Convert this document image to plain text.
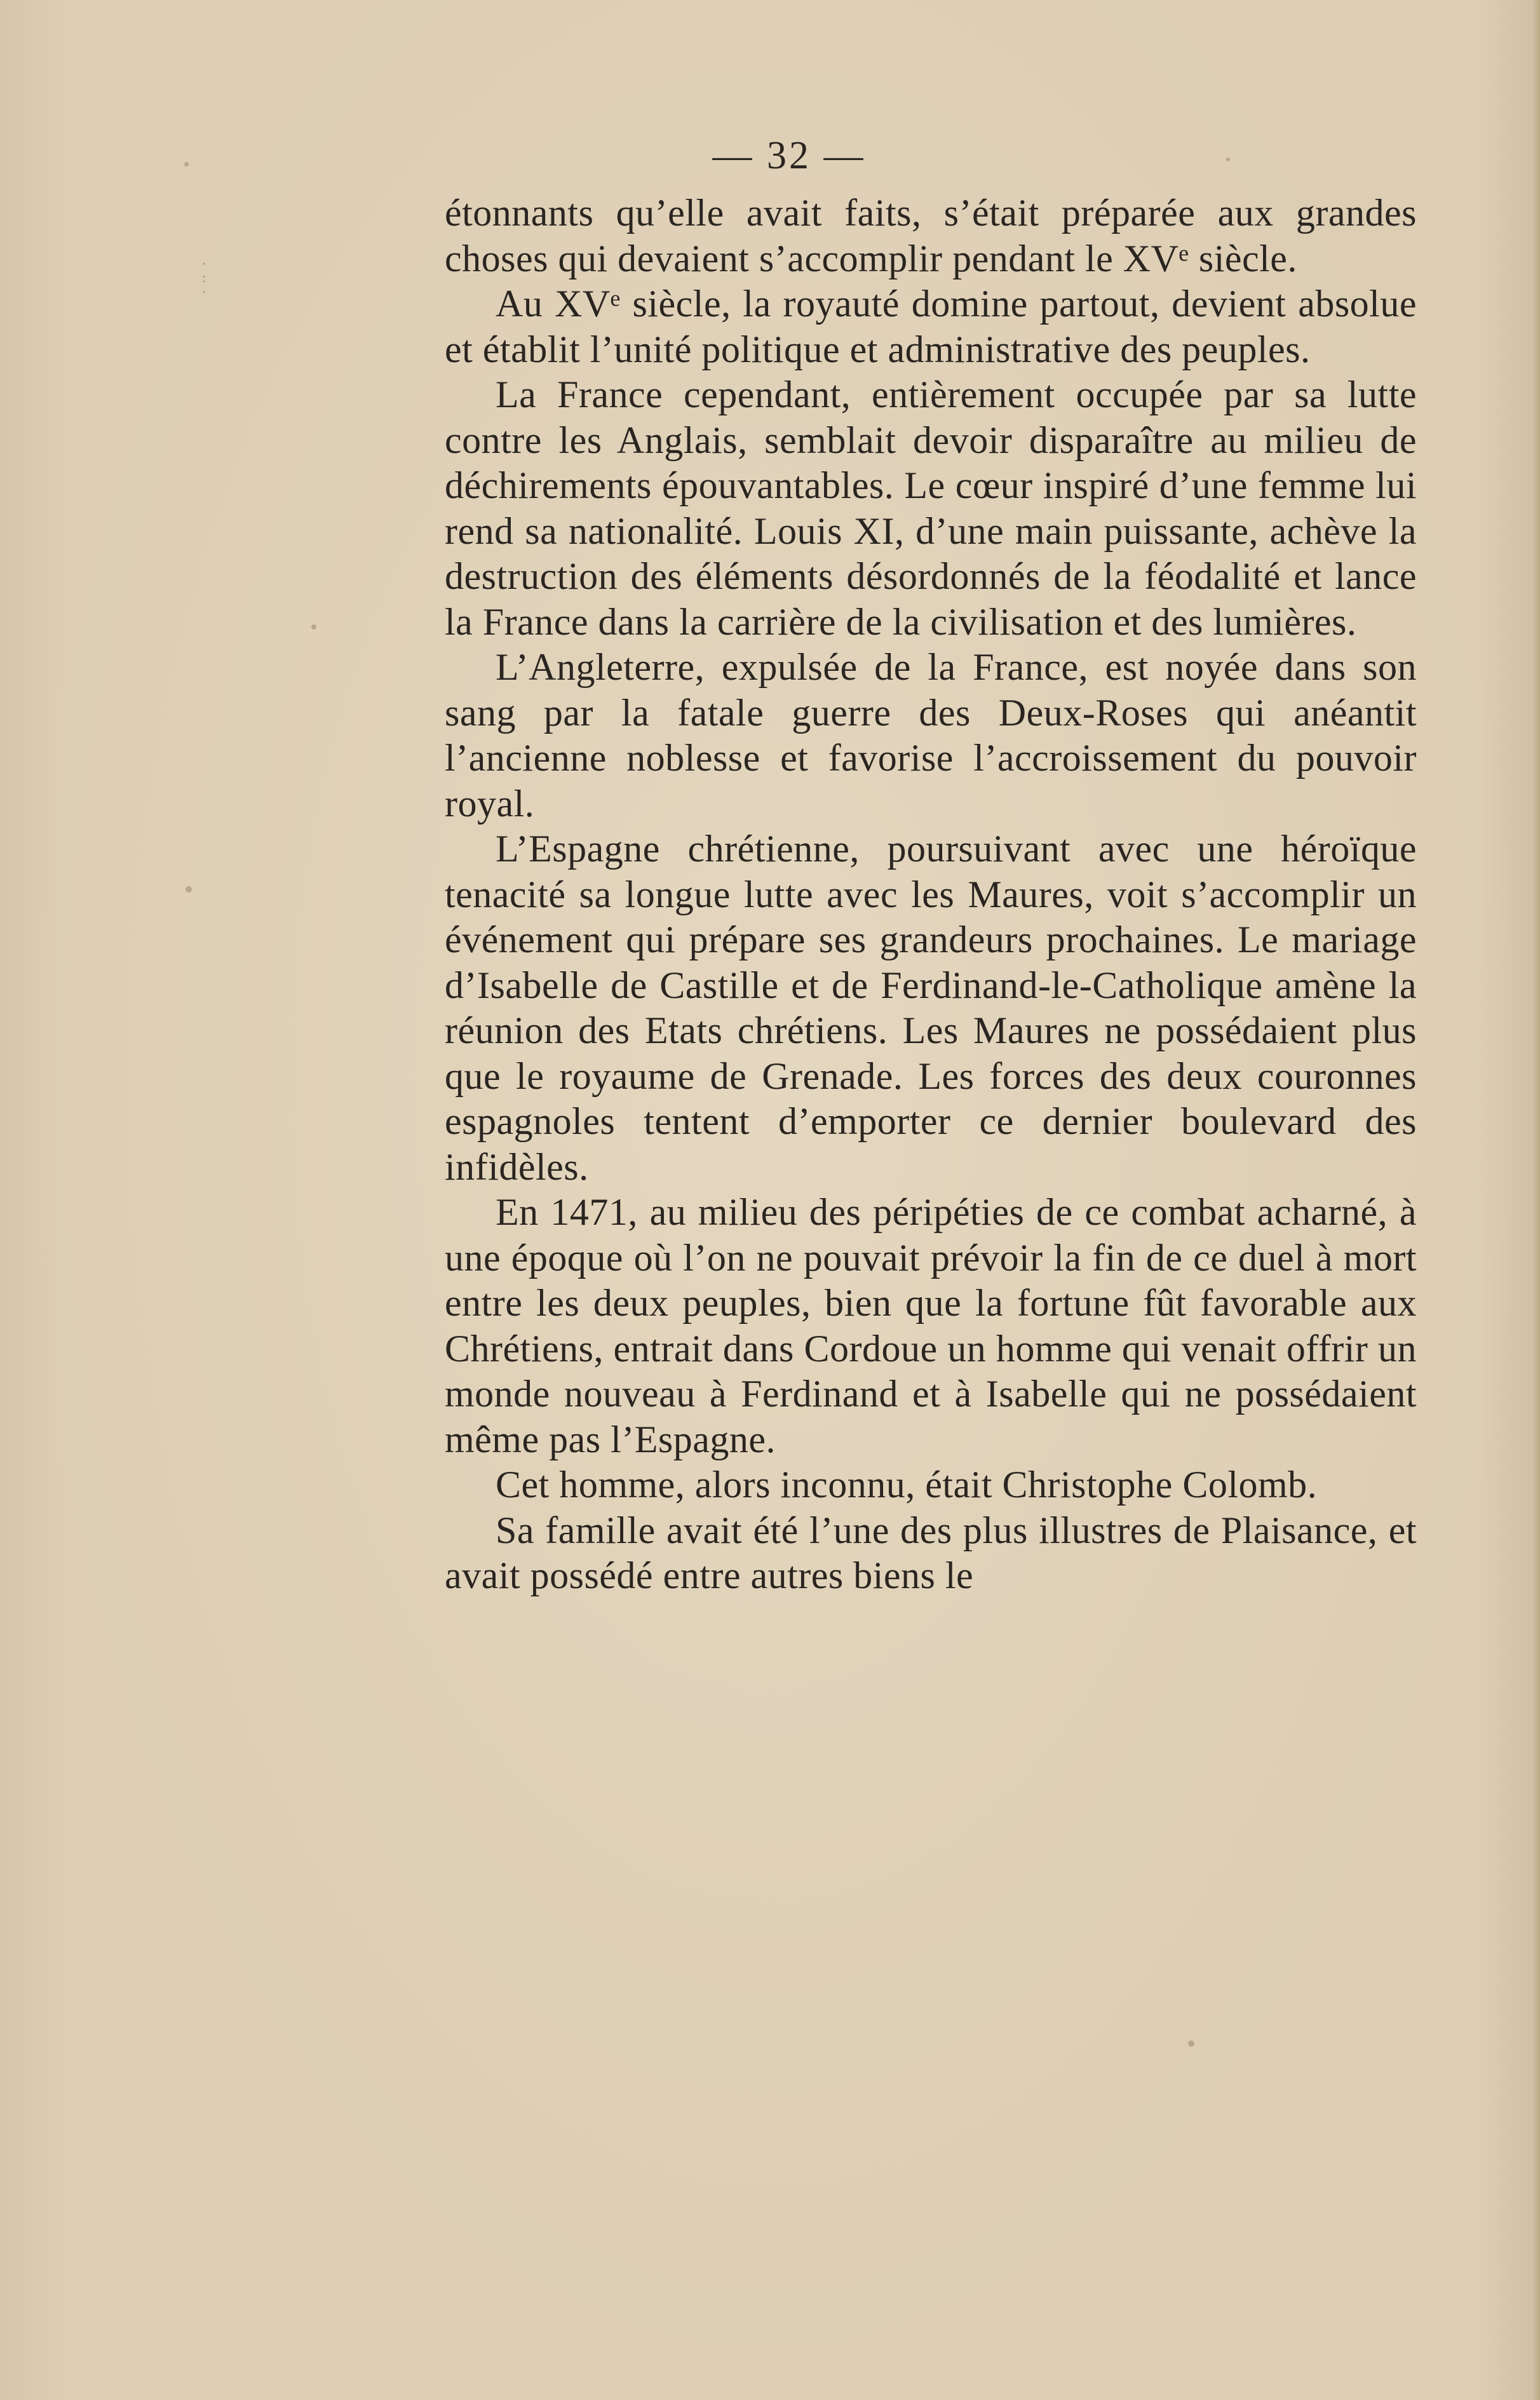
·
:
·
— 32 —

étonnants qu’elle avait faits, s’était préparée aux grandes choses qui devaient s’accomplir pendant le XVᵉ siècle.

Au XVᵉ siècle, la royauté domine partout, devient absolue et établit l’unité politique et administrative des peuples.

La France cependant, entièrement occupée par sa lutte contre les Anglais, semblait devoir disparaître au milieu de déchirements épouvantables. Le cœur inspiré d’une femme lui rend sa nationalité. Louis XI, d’une main puissante, achève la destruction des éléments désordonnés de la féodalité et lance la France dans la carrière de la civilisation et des lumières.

L’Angleterre, expulsée de la France, est noyée dans son sang par la fatale guerre des Deux-Roses qui anéantit l’ancienne noblesse et favorise l’accroissement du pouvoir royal.

L’Espagne chrétienne, poursuivant avec une héroïque tenacité sa longue lutte avec les Maures, voit s’accomplir un événement qui prépare ses grandeurs prochaines. Le mariage d’Isabelle de Castille et de Ferdinand-le-Catholique amène la réunion des Etats chrétiens. Les Maures ne possédaient plus que le royaume de Grenade. Les forces des deux couronnes espagnoles tentent d’emporter ce dernier boulevard des infidèles.

En 1471, au milieu des péripéties de ce combat acharné, à une époque où l’on ne pouvait prévoir la fin de ce duel à mort entre les deux peuples, bien que la fortune fût favorable aux Chrétiens, entrait dans Cordoue un homme qui venait offrir un monde nouveau à Ferdinand et à Isabelle qui ne possédaient même pas l’Espagne.

Cet homme, alors inconnu, était Christophe Colomb.

Sa famille avait été l’une des plus illustres de Plaisance, et avait possédé entre autres biens le
